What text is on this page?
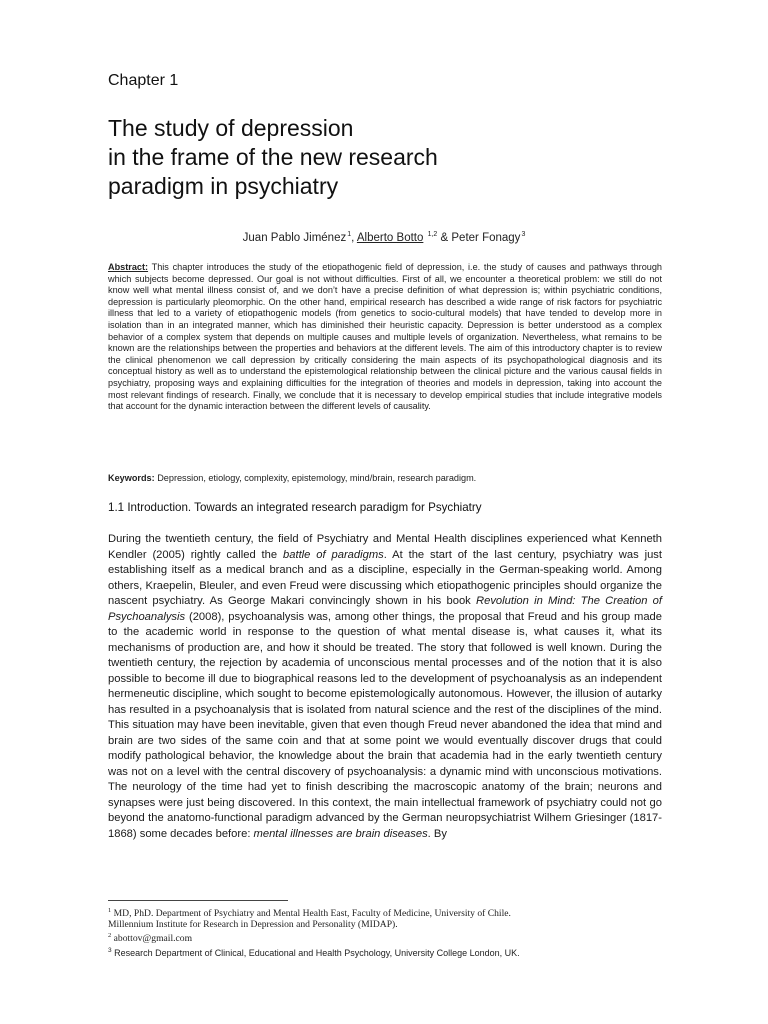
Chapter 1
The study of depression
in the frame of the new research
paradigm in psychiatry
Juan Pablo Jiménez$^1$, Alberto Botto $^{1,2}$ & Peter Fonagy$^3$
Abstract: This chapter introduces the study of the etiopathogenic field of depression, i.e. the study of causes and pathways through which subjects become depressed. Our goal is not without difficulties. First of all, we encounter a theoretical problem: we still do not know well what mental illness consist of, and we don’t have a precise definition of what depression is; within psychiatric conditions, depression is particularly pleomorphic. On the other hand, empirical research has described a wide range of risk factors for psychiatric illness that led to a variety of etiopathogenic models (from genetics to socio-cultural models) that have tended to develop more in isolation than in an integrated manner, which has diminished their heuristic capacity. Depression is better understood as a complex behavior of a complex system that depends on multiple causes and multiple levels of organization. Nevertheless, what remains to be known are the relationships between the properties and behaviors at the different levels. The aim of this introductory chapter is to review the clinical phenomenon we call depression by critically considering the main aspects of its psychopathological diagnosis and its conceptual history as well as to understand the epistemological relationship between the clinical picture and the various causal fields in psychiatry, proposing ways and explaining difficulties for the integration of theories and models in depression, taking into account the most relevant findings of research. Finally, we conclude that it is necessary to develop empirical studies that include integrative models that account for the dynamic interaction between the different levels of causality.
Keywords: Depression, etiology, complexity, epistemology, mind/brain, research paradigm.
1.1 Introduction. Towards an integrated research paradigm for Psychiatry
During the twentieth century, the field of Psychiatry and Mental Health disciplines experienced what Kenneth Kendler (2005) rightly called the battle of paradigms. At the start of the last century, psychiatry was just establishing itself as a medical branch and as a discipline, especially in the German-speaking world. Among others, Kraepelin, Bleuler, and even Freud were discussing which etiopathogenic principles should organize the nascent psychiatry. As George Makari convincingly shown in his book Revolution in Mind: The Creation of Psychoanalysis (2008), psychoanalysis was, among other things, the proposal that Freud and his group made to the academic world in response to the question of what mental disease is, what causes it, what its mechanisms of production are, and how it should be treated. The story that followed is well known. During the twentieth century, the rejection by academia of unconscious mental processes and of the notion that it is also possible to become ill due to biographical reasons led to the development of psychoanalysis as an independent hermeneutic discipline, which sought to become epistemologically autonomous. However, the illusion of autarky has resulted in a psychoanalysis that is isolated from natural science and the rest of the disciplines of the mind. This situation may have been inevitable, given that even though Freud never abandoned the idea that mind and brain are two sides of the same coin and that at some point we would eventually discover drugs that could modify pathological behavior, the knowledge about the brain that academia had in the early twentieth century was not on a level with the central discovery of psychoanalysis: a dynamic mind with unconscious motivations. The neurology of the time had yet to finish describing the macroscopic anatomy of the brain; neurons and synapses were just being discovered. In this context, the main intellectual framework of psychiatry could not go beyond the anatomo-functional paradigm advanced by the German neuropsychiatrist Wilhem Griesinger (1817-1868) some decades before: mental illnesses are brain diseases. By
$^1$ MD, PhD. Department of Psychiatry and Mental Health East, Faculty of Medicine, University of Chile.
Millennium Institute for Research in Depression and Personality (MIDAP).
$^2$ abottov@gmail.com
$^3$ Research Department of Clinical, Educational and Health Psychology, University College London, UK.
